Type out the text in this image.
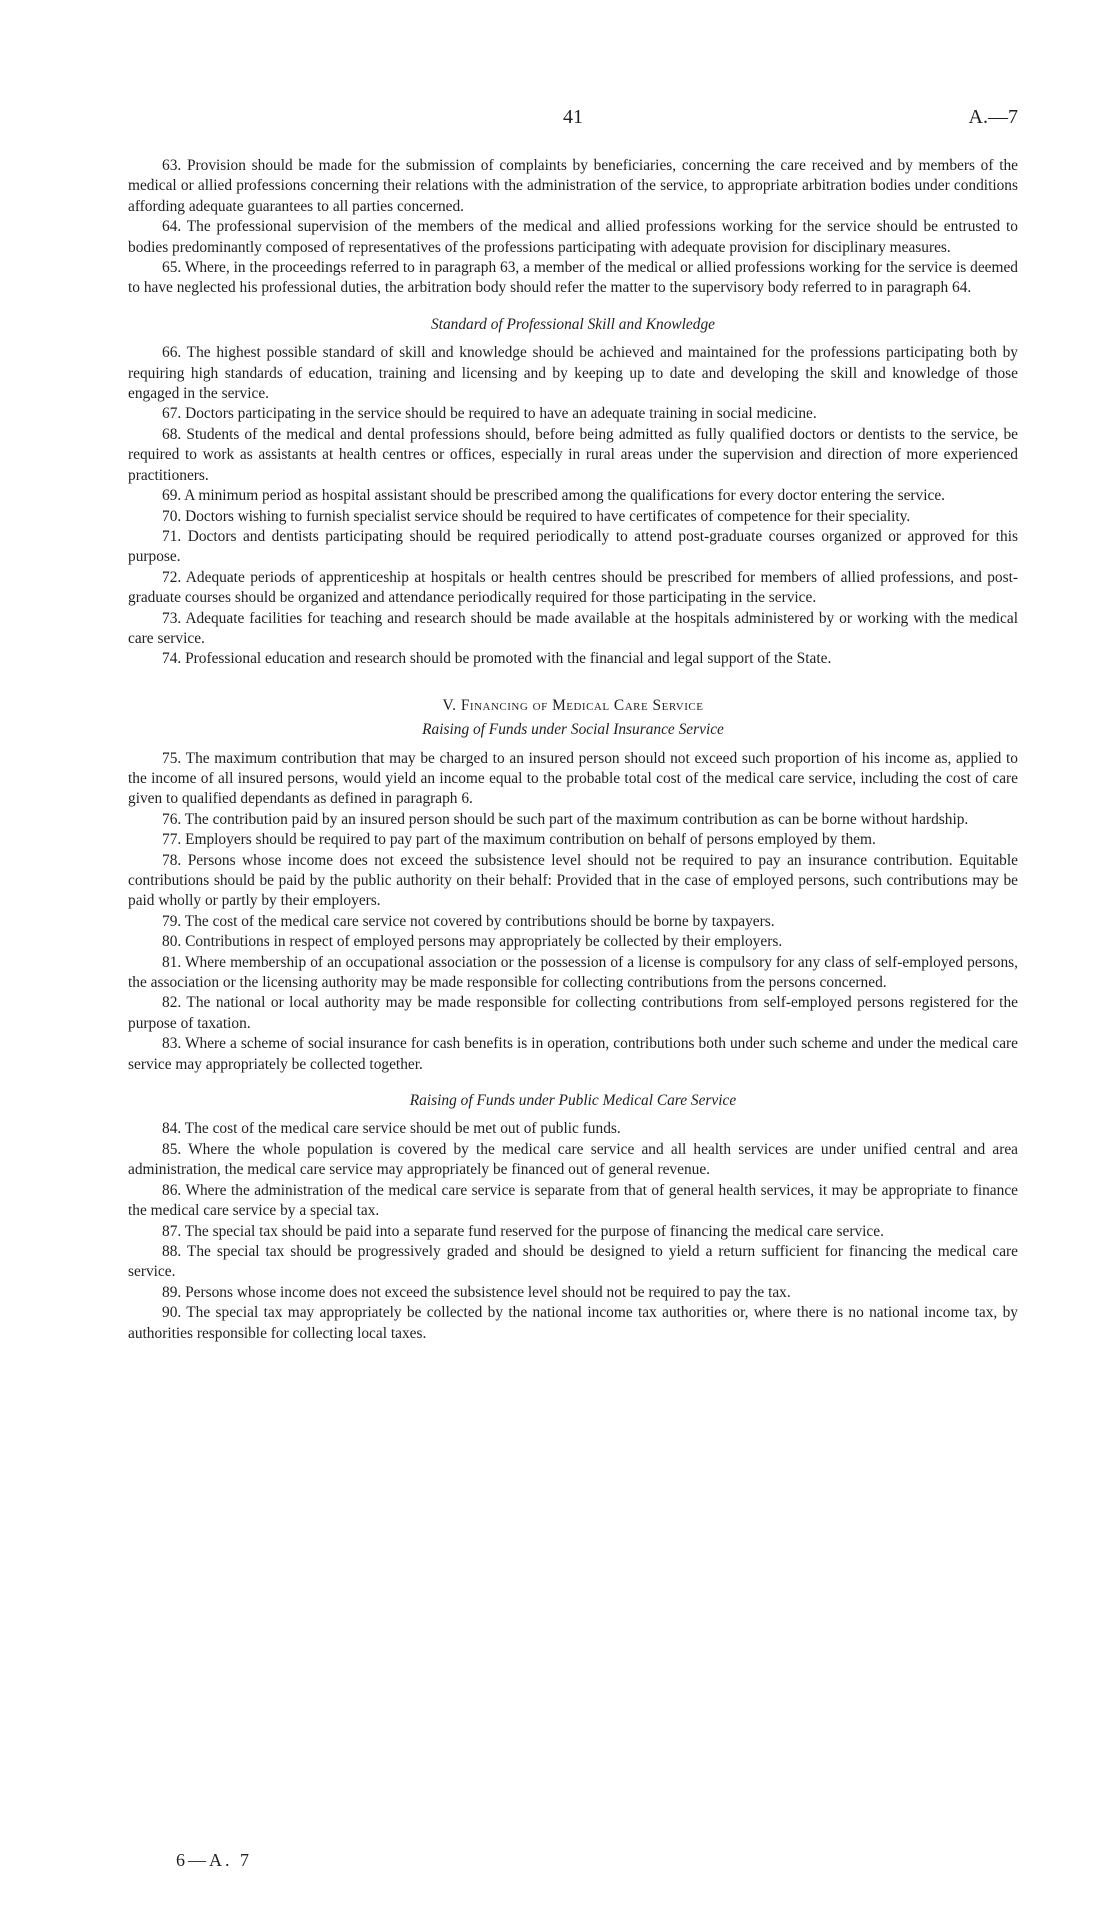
41	A.—7

63. Provision should be made for the submission of complaints by beneficiaries, concerning the care received and by members of the medical or allied professions concerning their relations with the administration of the service, to appropriate arbitration bodies under conditions affording adequate guarantees to all parties concerned.

64. The professional supervision of the members of the medical and allied professions working for the service should be entrusted to bodies predominantly composed of representatives of the professions participating with adequate provision for disciplinary measures.

65. Where, in the proceedings referred to in paragraph 63, a member of the medical or allied professions working for the service is deemed to have neglected his professional duties, the arbitration body should refer the matter to the supervisory body referred to in paragraph 64.

Standard of Professional Skill and Knowledge

66. The highest possible standard of skill and knowledge should be achieved and maintained for the professions participating both by requiring high standards of education, training and licensing and by keeping up to date and developing the skill and knowledge of those engaged in the service.

67. Doctors participating in the service should be required to have an adequate training in social medicine.

68. Students of the medical and dental professions should, before being admitted as fully qualified doctors or dentists to the service, be required to work as assistants at health centres or offices, especially in rural areas under the supervision and direction of more experienced practitioners.

69. A minimum period as hospital assistant should be prescribed among the qualifications for every doctor entering the service.

70. Doctors wishing to furnish specialist service should be required to have certificates of competence for their speciality.

71. Doctors and dentists participating should be required periodically to attend post-graduate courses organized or approved for this purpose.

72. Adequate periods of apprenticeship at hospitals or health centres should be prescribed for members of allied professions, and post-graduate courses should be organized and attendance periodically required for those participating in the service.

73. Adequate facilities for teaching and research should be made available at the hospitals administered by or working with the medical care service.

74. Professional education and research should be promoted with the financial and legal support of the State.

V. Financing of Medical Care Service
Raising of Funds under Social Insurance Service

75. The maximum contribution that may be charged to an insured person should not exceed such proportion of his income as, applied to the income of all insured persons, would yield an income equal to the probable total cost of the medical care service, including the cost of care given to qualified dependants as defined in paragraph 6.

76. The contribution paid by an insured person should be such part of the maximum contribution as can be borne without hardship.

77. Employers should be required to pay part of the maximum contribution on behalf of persons employed by them.

78. Persons whose income does not exceed the subsistence level should not be required to pay an insurance contribution. Equitable contributions should be paid by the public authority on their behalf: Provided that in the case of employed persons, such contributions may be paid wholly or partly by their employers.

79. The cost of the medical care service not covered by contributions should be borne by taxpayers.

80. Contributions in respect of employed persons may appropriately be collected by their employers.

81. Where membership of an occupational association or the possession of a license is compulsory for any class of self-employed persons, the association or the licensing authority may be made responsible for collecting contributions from the persons concerned.

82. The national or local authority may be made responsible for collecting contributions from self-employed persons registered for the purpose of taxation.

83. Where a scheme of social insurance for cash benefits is in operation, contributions both under such scheme and under the medical care service may appropriately be collected together.

Raising of Funds under Public Medical Care Service

84. The cost of the medical care service should be met out of public funds.

85. Where the whole population is covered by the medical care service and all health services are under unified central and area administration, the medical care service may appropriately be financed out of general revenue.

86. Where the administration of the medical care service is separate from that of general health services, it may be appropriate to finance the medical care service by a special tax.

87. The special tax should be paid into a separate fund reserved for the purpose of financing the medical care service.

88. The special tax should be progressively graded and should be designed to yield a return sufficient for financing the medical care service.

89. Persons whose income does not exceed the subsistence level should not be required to pay the tax.

90. The special tax may appropriately be collected by the national income tax authorities or, where there is no national income tax, by authorities responsible for collecting local taxes.

6—A. 7
